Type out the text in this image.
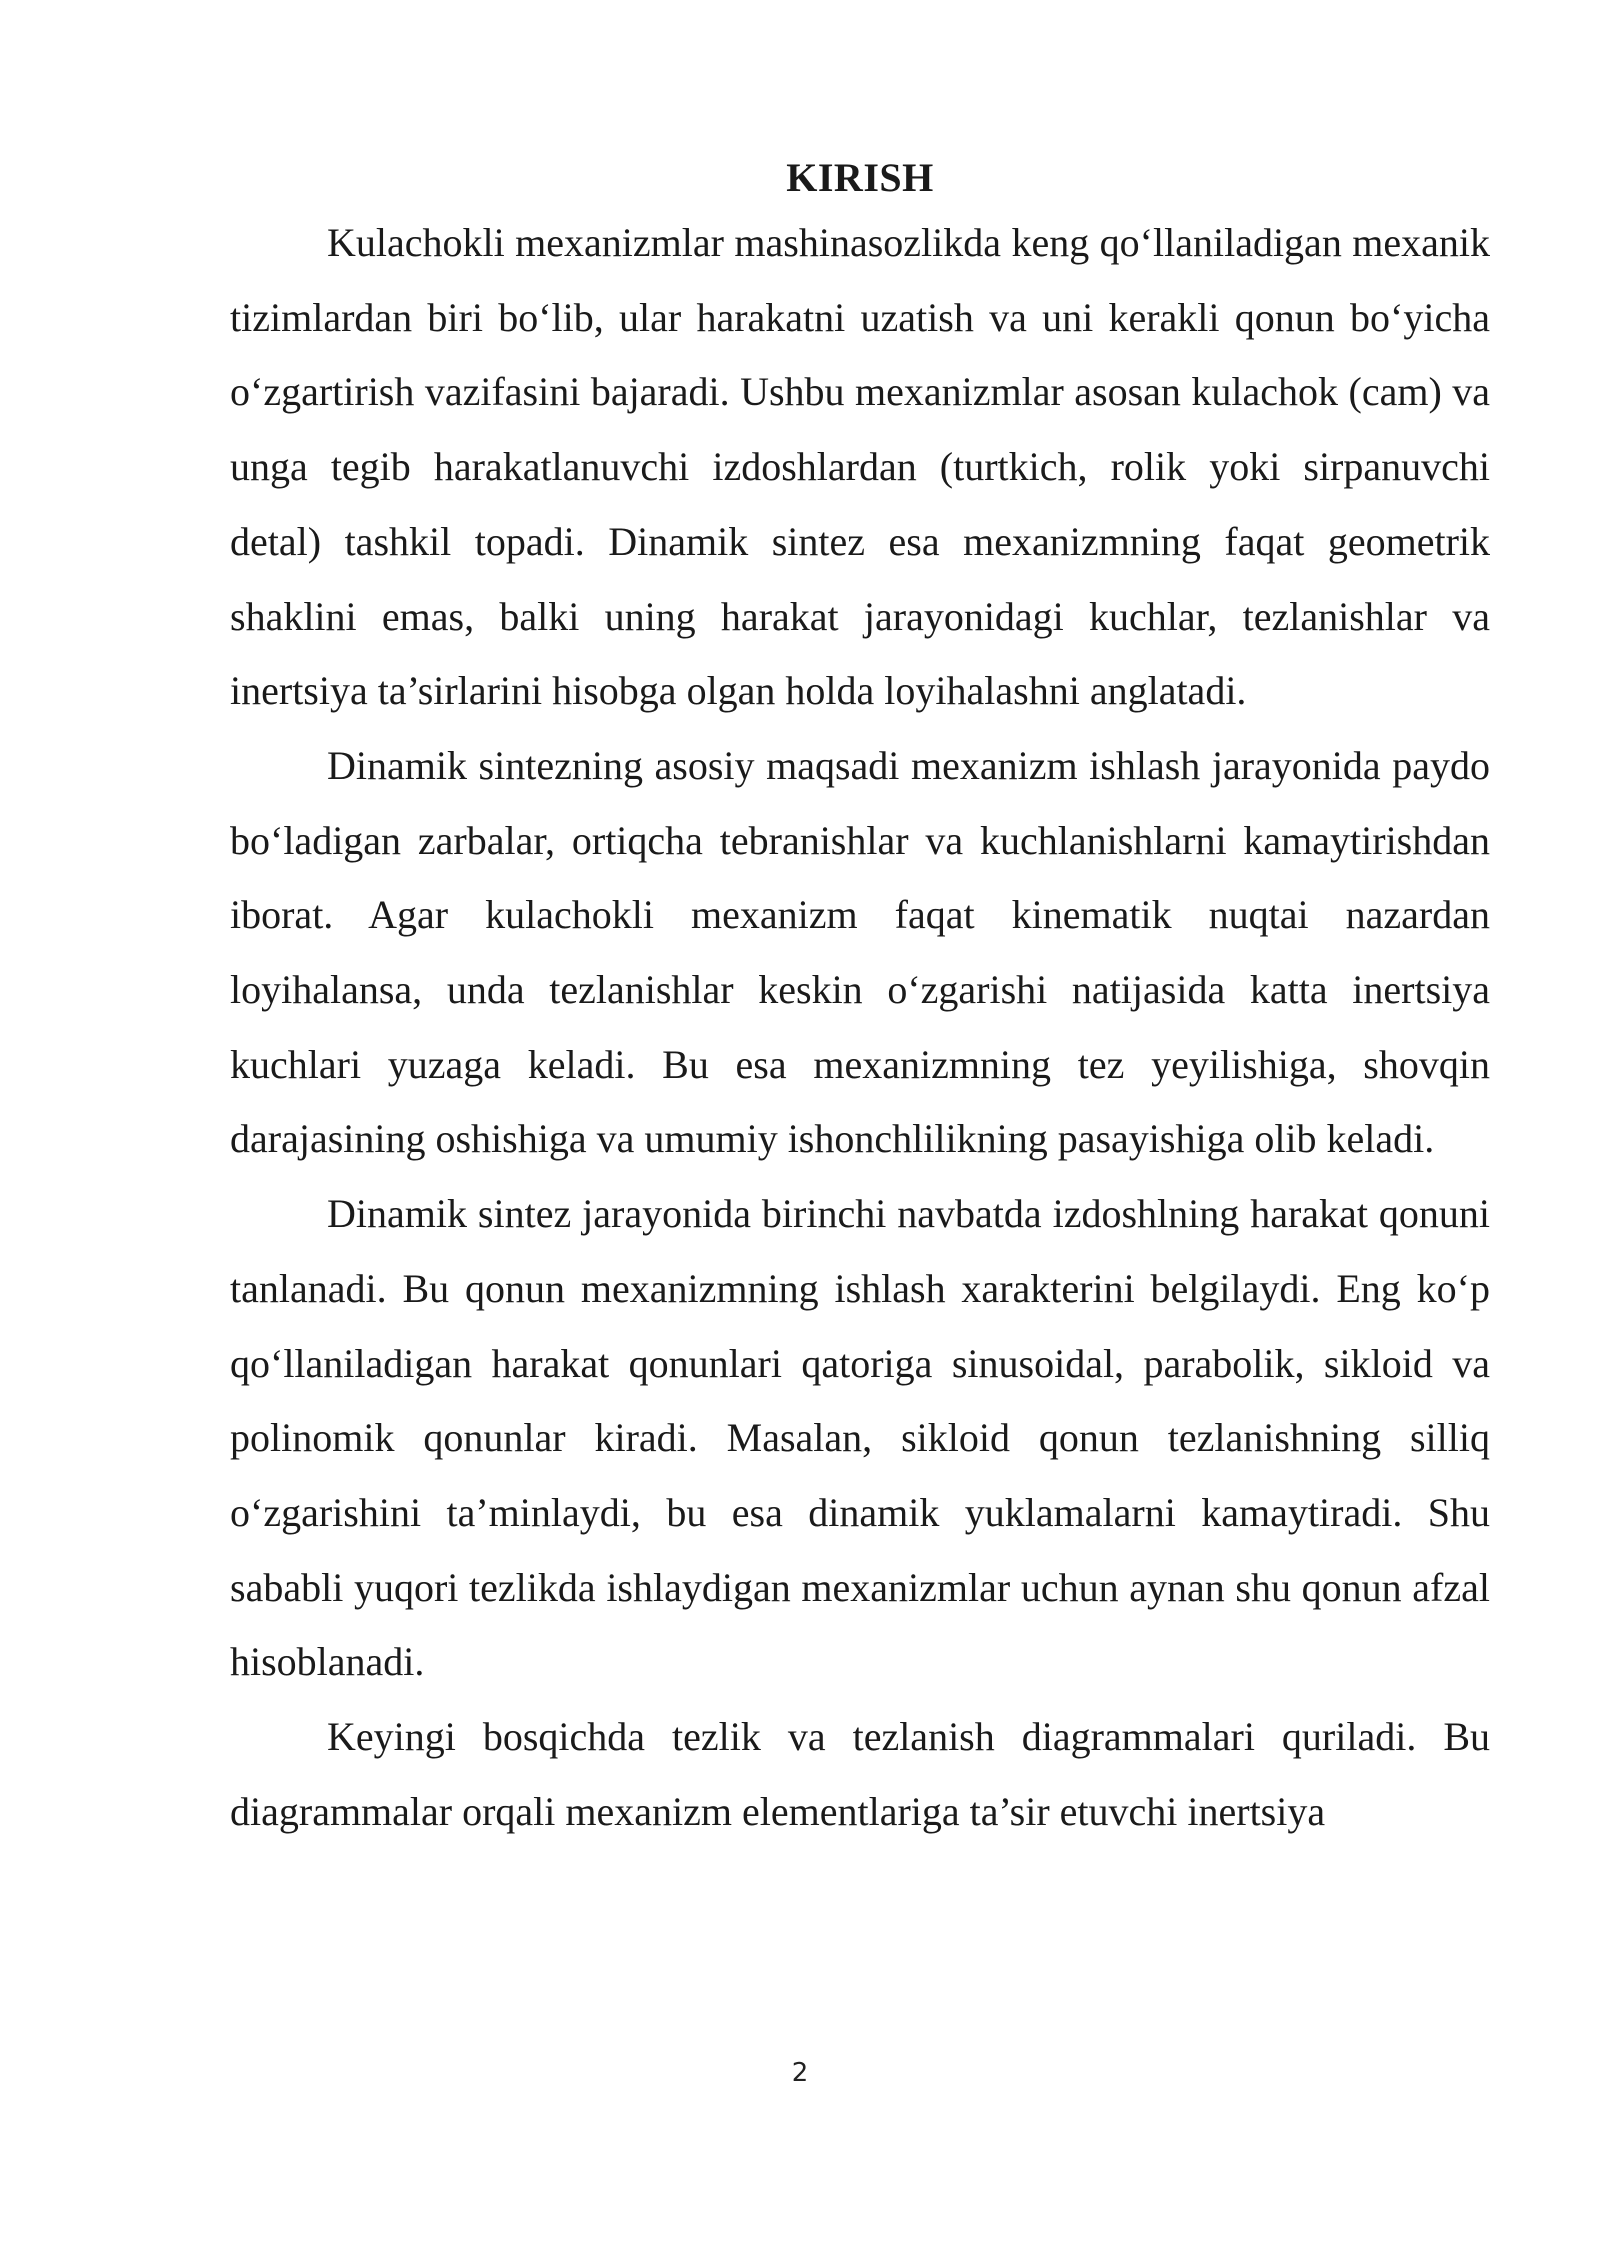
KIRISH

Kulachokli mexanizmlar mashinasozlikda keng qo‘llaniladigan mexanik tizimlardan biri bo‘lib, ular harakatni uzatish va uni kerakli qonun bo‘yicha o‘zgartirish vazifasini bajaradi. Ushbu mexanizmlar asosan kulachok (cam) va unga tegib harakatlanuvchi izdoshlardan (turtkich, rolik yoki sirpanuvchi detal) tashkil topadi. Dinamik sintez esa mexanizmning faqat geometrik shaklini emas, balki uning harakat jarayonidagi kuchlar, tezlanishlar va inertsiya ta’sirlarini hisobga olgan holda loyihalashni anglatadi.

Dinamik sintezning asosiy maqsadi mexanizm ishlash jarayonida paydo bo‘ladigan zarbalar, ortiqcha tebranishlar va kuchlanishlarni kamaytirishdan iborat. Agar kulachokli mexanizm faqat kinematik nuqtai nazardan loyihalansa, unda tezlanishlar keskin o‘zgarishi natijasida katta inertsiya kuchlari yuzaga keladi. Bu esa mexanizmning tez yeyilishiga, shovqin darajasining oshishiga va umumiy ishonchlilikning pasayishiga olib keladi.

Dinamik sintez jarayonida birinchi navbatda izdoshlning harakat qonuni tanlanadi. Bu qonun mexanizmning ishlash xarakterini belgilaydi. Eng ko‘p qo‘llaniladigan harakat qonunlari qatoriga sinusoidal, parabolik, sikloid va polinomik qonunlar kiradi. Masalan, sikloid qonun tezlanishning silliq o‘zgarishini ta’minlaydi, bu esa dinamik yuklamalarni kamaytiradi. Shu sababli yuqori tezlikda ishlaydigan mexanizmlar uchun aynan shu qonun afzal hisoblanadi.

Keyingi bosqichda tezlik va tezlanish diagrammalari quriladi. Bu diagrammalar orqali mexanizm elementlariga ta’sir etuvchi inertsiya

2
